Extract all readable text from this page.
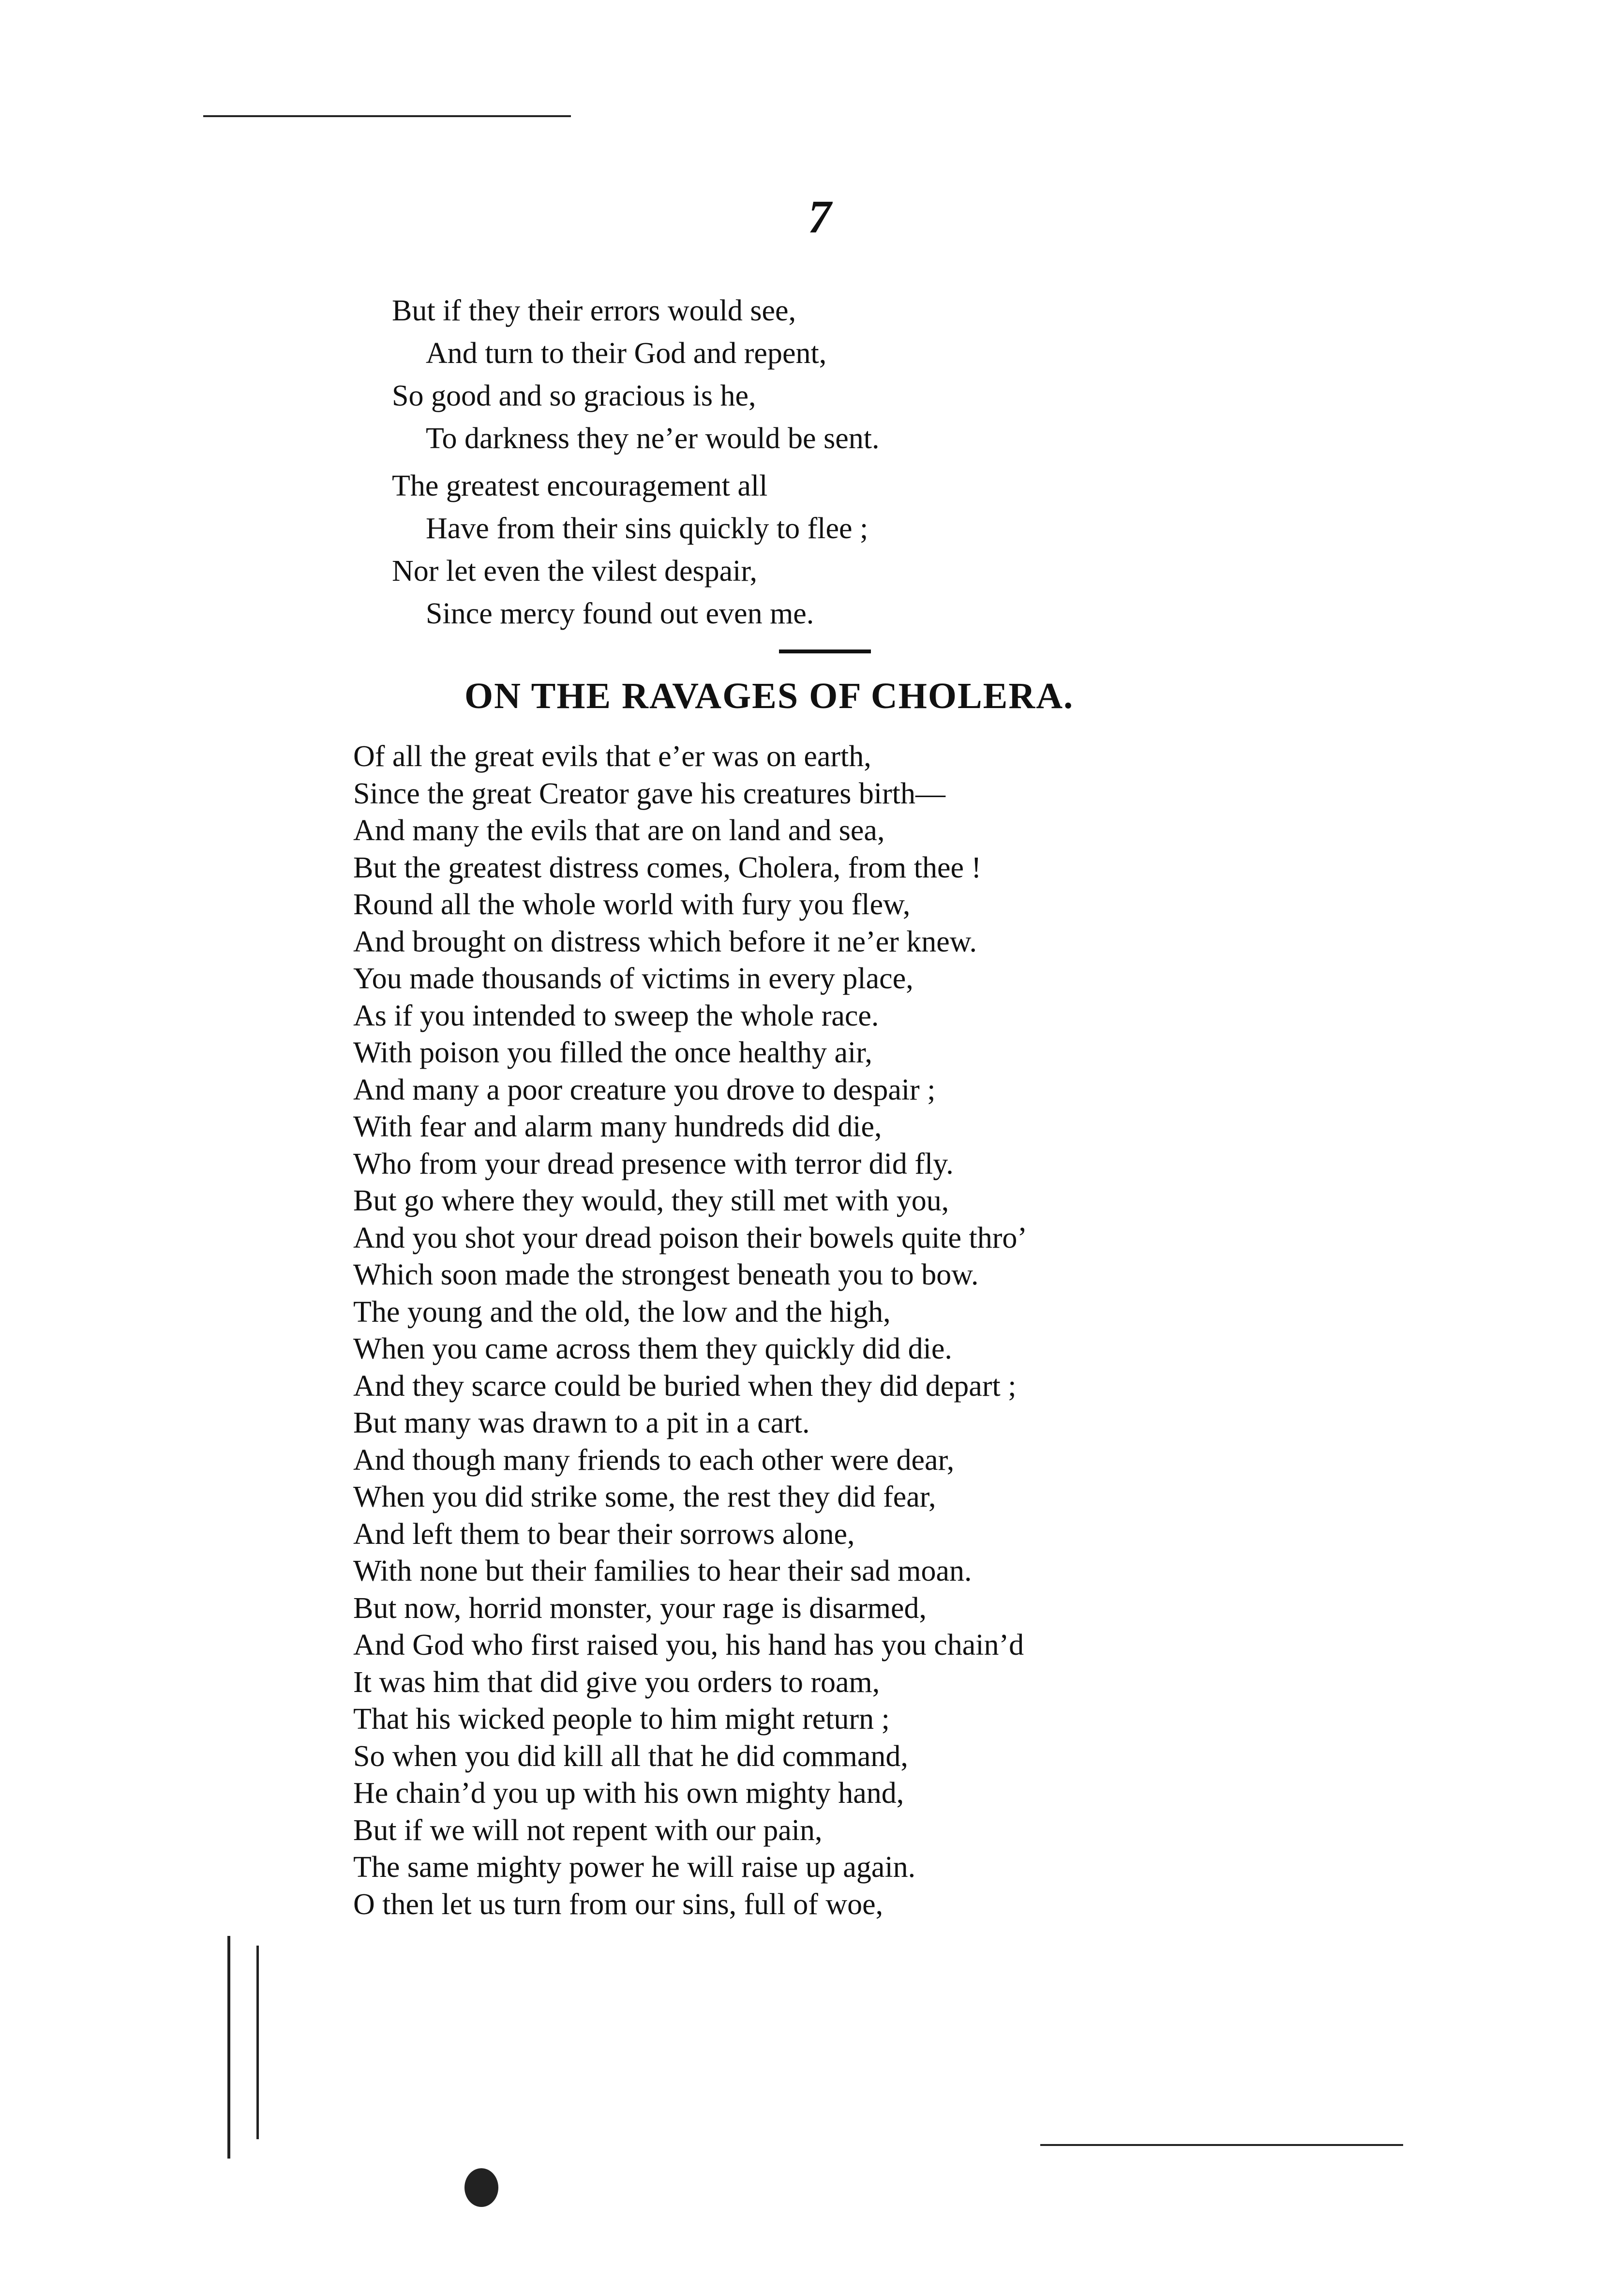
7
But if they their errors would see,
And turn to their God and repent,
So good and so gracious is he,
To darkness they ne’er would be sent.
The greatest encouragement all
Have from their sins quickly to flee ;
Nor let even the vilest despair,
Since mercy found out even me.
ON THE RAVAGES OF CHOLERA.
Of all the great evils that e’er was on earth,
Since the great Creator gave his creatures birth—
And many the evils that are on land and sea,
But the greatest distress comes, Cholera, from thee !
Round all the whole world with fury you flew,
And brought on distress which before it ne’er knew.
You made thousands of victims in every place,
As if you intended to sweep the whole race.
With poison you filled the once healthy air,
And many a poor creature you drove to despair ;
With fear and alarm many hundreds did die,
Who from your dread presence with terror did fly.
But go where they would, they still met with you,
And you shot your dread poison their bowels quite thro’
Which soon made the strongest beneath you to bow.
The young and the old, the low and the high,
When you came across them they quickly did die.
And they scarce could be buried when they did depart ;
But many was drawn to a pit in a cart.
And though many friends to each other were dear,
When you did strike some, the rest they did fear,
And left them to bear their sorrows alone,
With none but their families to hear their sad moan.
But now, horrid monster, your rage is disarmed,
And God who first raised you, his hand has you chain’d
It was him that did give you orders to roam,
That his wicked people to him might return ;
So when you did kill all that he did command,
He chain’d you up with his own mighty hand,
But if we will not repent with our pain,
The same mighty power he will raise up again.
O then let us turn from our sins, full of woe,
